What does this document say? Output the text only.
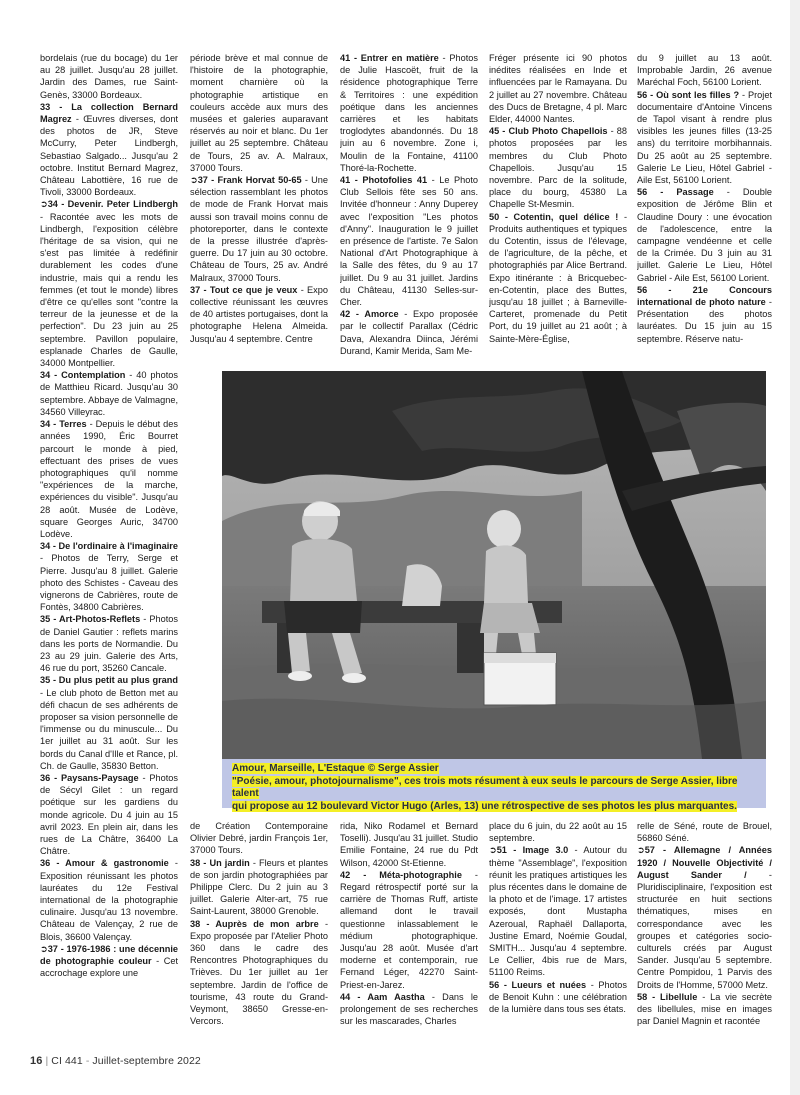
bordelais (rue du bocage) du 1er au 28 juillet. Jusqu'au 28 juillet. Jardin des Dames, rue Saint-Genès, 33000 Bordeaux.

33 - La collection Bernard Magrez - Œuvres diverses, dont des photos de JR, Steve McCurry, Peter Lindbergh, Sebastiao Salgado... Jusqu'au 2 octobre. Institut Bernard Magrez, Château Labottière, 16 rue de Tivoli, 33000 Bordeaux.

➲34 - Devenir. Peter Lindbergh - Racontée avec les mots de Lindbergh, l'exposition célèbre l'héritage de sa vision, qui ne s'est pas limitée à redéfinir durablement les codes d'une industrie, mais qui a rendu les femmes (et tout le monde) libres d'être ce qu'elles sont "contre la terreur de la jeunesse et de la perfection". Du 23 juin au 25 septembre. Pavillon populaire, esplanade Charles de Gaulle, 34000 Montpellier.

34 - Contemplation - 40 photos de Matthieu Ricard. Jusqu'au 30 septembre. Abbaye de Valmagne, 34560 Villeyrac.

34 - Terres - Depuis le début des années 1990, Éric Bourret parcourt le monde à pied, effectuant des prises de vues photographiques qu'il nomme "expériences de la marche, expériences du visible". Jusqu'au 28 août. Musée de Lodève, square Georges Auric, 34700 Lodève.

34 - De l'ordinaire à l'imaginaire - Photos de Terry, Serge et Pierre. Jusqu'au 8 juillet. Galerie photo des Schistes - Caveau des vignerons de Cabrières, route de Fontès, 34800 Cabrières.

35 - Art-Photos-Reflets - Photos de Daniel Gautier : reflets marins dans les ports de Normandie. Du 23 au 29 juin. Galerie des Arts, 46 rue du port, 35260 Cancale.

35 - Du plus petit au plus grand - Le club photo de Betton met au défi chacun de ses adhérents de proposer sa vision personnelle de l'immense ou du minuscule... Du 1er juillet au 31 août. Sur les bords du Canal d'Ille et Rance, pl. Ch. de Gaulle, 35830 Betton.

36 - Paysans-Paysage - Photos de Sécyl Gilet : un regard poétique sur les gardiens du monde agricole. Du 4 juin au 15 avril 2023. En plein air, dans les rues de La Châtre, 36400 La Châtre.

36 - Amour & gastronomie - Exposition réunissant les photos lauréates du 12e Festival international de la photographie culinaire. Jusqu'au 13 novembre. Château de Valençay, 2 rue de Blois, 36600 Valençay.

➲37 - 1976-1986 : une décennie de photographie couleur - Cet accrochage explore une

période brève et mal connue de l'histoire de la photographie, moment charnière où la photographie artistique en couleurs accède aux murs des musées et galeries auparavant réservés au noir et blanc. Du 1er juillet au 25 septembre. Château de Tours, 25 av. A. Malraux, 37000 Tours.

➲37 - Frank Horvat 50-65 - Une sélection rassemblant les photos de mode de Frank Horvat mais aussi son travail moins connu de photoreporter, dans le contexte de la presse illustrée d'après-guerre. Du 17 juin au 30 octobre. Château de Tours, 25 av. André Malraux, 37000 Tours.

37 - Tout ce que je veux - Expo collective réunissant les œuvres de 40 artistes portugaises, dont la photographe Helena Almeida. Jusqu'au 4 septembre. Centre

41 - Entrer en matière - Photos de Julie Hascoët, fruit de la résidence photographique Terre & Territoires : une expédition poétique dans les anciennes carrières et les habitats troglodytes abandonnés. Du 18 juin au 6 novembre. Zone i, Moulin de la Fontaine, 41100 Thoré-la-Rochette.

41 - Photofolies 41 - Le Photo Club Sellois fête ses 50 ans. Invitée d'honneur : Anny Duperey avec l'exposition "Les photos d'Anny". Inauguration le 9 juillet en présence de l'artiste. 7e Salon National d'Art Photographique à la Salle des fêtes, du 9 au 17 juillet. Du 9 au 31 juillet. Jardins du Château, 41130 Selles-sur-Cher.

42 - Amorce - Expo proposée par le collectif Parallax (Cédric Dava, Alexandra Diinca, Jérémi Durand, Kamir Merida, Sam Me-

Fréger présente ici 90 photos inédites réalisées en Inde et influencées par le Ramayana. Du 2 juillet au 27 novembre. Château des Ducs de Bretagne, 4 pl. Marc Elder, 44000 Nantes.

45 - Club Photo Chapellois - 88 photos proposées par les membres du Club Photo Chapellois. Jusqu'au 15 novembre. Parc de la solitude, place du bourg, 45380 La Chapelle St-Mesmin.

50 - Cotentin, quel délice ! - Produits authentiques et typiques du Cotentin, issus de l'élevage, de l'agriculture, de la pêche, et photographiés par Alice Bertrand. Expo itinérante : à Bricquebec-en-Cotentin, place des Buttes, jusqu'au 18 juillet ; à Barneville-Carteret, promenade du Petit Port, du 19 juillet au 21 août ; à Sainte-Mère-Église,

du 9 juillet au 13 août. Improbable Jardin, 26 avenue Maréchal Foch, 56100 Lorient.

56 - Où sont les filles ? - Projet documentaire d'Antoine Vincens de Tapol visant à rendre plus visibles les jeunes filles (13-25 ans) du territoire morbihannais. Du 25 août au 25 septembre. Galerie Le Lieu, Hôtel Gabriel - Aile Est, 56100 Lorient.

56 - Passage - Double exposition de Jérôme Blin et Claudine Doury : une évocation de l'adolescence, entre la campagne vendéenne et celle de la Crimée. Du 3 juin au 31 juillet. Galerie Le Lieu, Hôtel Gabriel - Aile Est, 56100 Lorient.

56 - 21e Concours international de photo nature - Présentation des photos lauréates. Du 15 juin au 15 septembre. Réserve natu-

Amour, Marseille, L'Estaque © Serge Assier
"Poésie, amour, photojournalisme", ces trois mots résument à eux seuls le parcours de Serge Assier, libre talent
qui propose au 12 boulevard Victor Hugo (Arles, 13) une rétrospective de ses photos les plus marquantes.

de Création Contemporaine Olivier Debré, jardin François 1er, 37000 Tours.

38 - Un jardin - Fleurs et plantes de son jardin photographiées par Philippe Clerc. Du 2 juin au 3 juillet. Galerie Alter-art, 75 rue Saint-Laurent, 38000 Grenoble.

38 - Auprès de mon arbre - Expo proposée par l'Atelier Photo 360 dans le cadre des Rencontres Photographiques du Trièves. Du 1er juillet au 1er septembre. Jardin de l'office de tourisme, 43 route du Grand-Veymont, 38650 Gresse-en-Vercors.

rida, Niko Rodamel et Bernard Toselli). Jusqu'au 31 juillet. Studio Emilie Fontaine, 24 rue du Pdt Wilson, 42000 St-Etienne.

42 - Méta-photographie - Regard rétrospectif porté sur la carrière de Thomas Ruff, artiste allemand dont le travail questionne inlassablement le médium photographique. Jusqu'au 28 août. Musée d'art moderne et contemporain, rue Fernand Léger, 42270 Saint-Priest-en-Jarez.

44 - Aam Aastha - Dans le prolongement de ses recherches sur les mascarades, Charles

place du 6 juin, du 22 août au 15 septembre.

➲51 - Image 3.0 - Autour du thème "Assemblage", l'exposition réunit les pratiques artistiques les plus récentes dans le domaine de la photo et de l'image. 17 artistes exposés, dont Mustapha Azeroual, Raphaël Dallaporta, Justine Emard, Noémie Goudal, SMITH... Jusqu'au 4 septembre. Le Cellier, 4bis rue de Mars, 51100 Reims.

56 - Lueurs et nuées - Photos de Benoit Kuhn : une célébration de la lumière dans tous ses états.

relle de Séné, route de Brouel, 56860 Séné.

➲57 - Allemagne / Années 1920 / Nouvelle Objectivité / August Sander / - Pluridisciplinaire, l'exposition est structurée en huit sections thématiques, mises en correspondance avec les groupes et catégories socio-culturels créés par August Sander. Jusqu'au 5 septembre. Centre Pompidou, 1 Parvis des Droits de l'Homme, 57000 Metz.

58 - Libellule - La vie secrète des libellules, mise en images par Daniel Magnin et racontée

16 | CI 441 - Juillet-septembre 2022
